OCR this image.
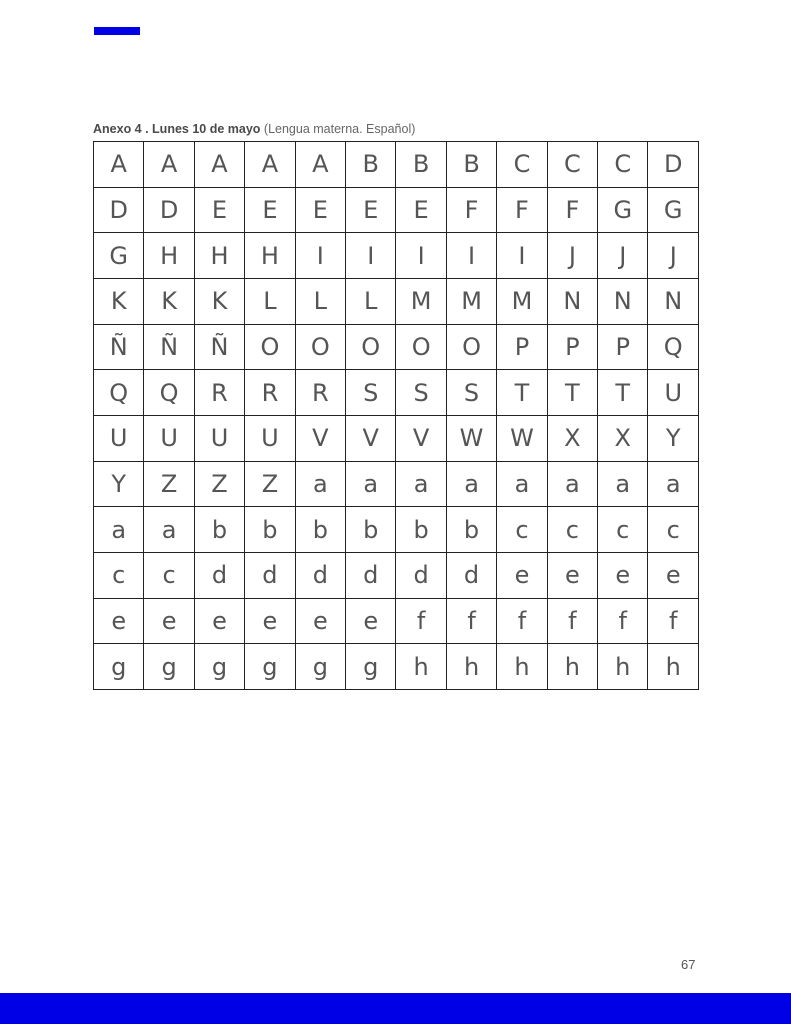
Anexo 4 . Lunes 10 de mayo (Lengua materna. Español)
A	A	A	A	A	B	B	B	C	C	C	D
D	D	E	E	E	E	E	F	F	F	G	G
G	H	H	H	I	I	I	I	I	J	J	J
K	K	K	L	L	L	M	M	M	N	N	N
Ñ	Ñ	Ñ	O	O	O	O	O	P	P	P	Q
Q	Q	R	R	R	S	S	S	T	T	T	U
U	U	U	U	V	V	V	W	W	X	X	Y
Y	Z	Z	Z	a	a	a	a	a	a	a	a
a	a	b	b	b	b	b	b	c	c	c	c
c	c	d	d	d	d	d	d	e	e	e	e
e	e	e	e	e	e	f	f	f	f	f	f
g	g	g	g	g	g	h	h	h	h	h	h
67
